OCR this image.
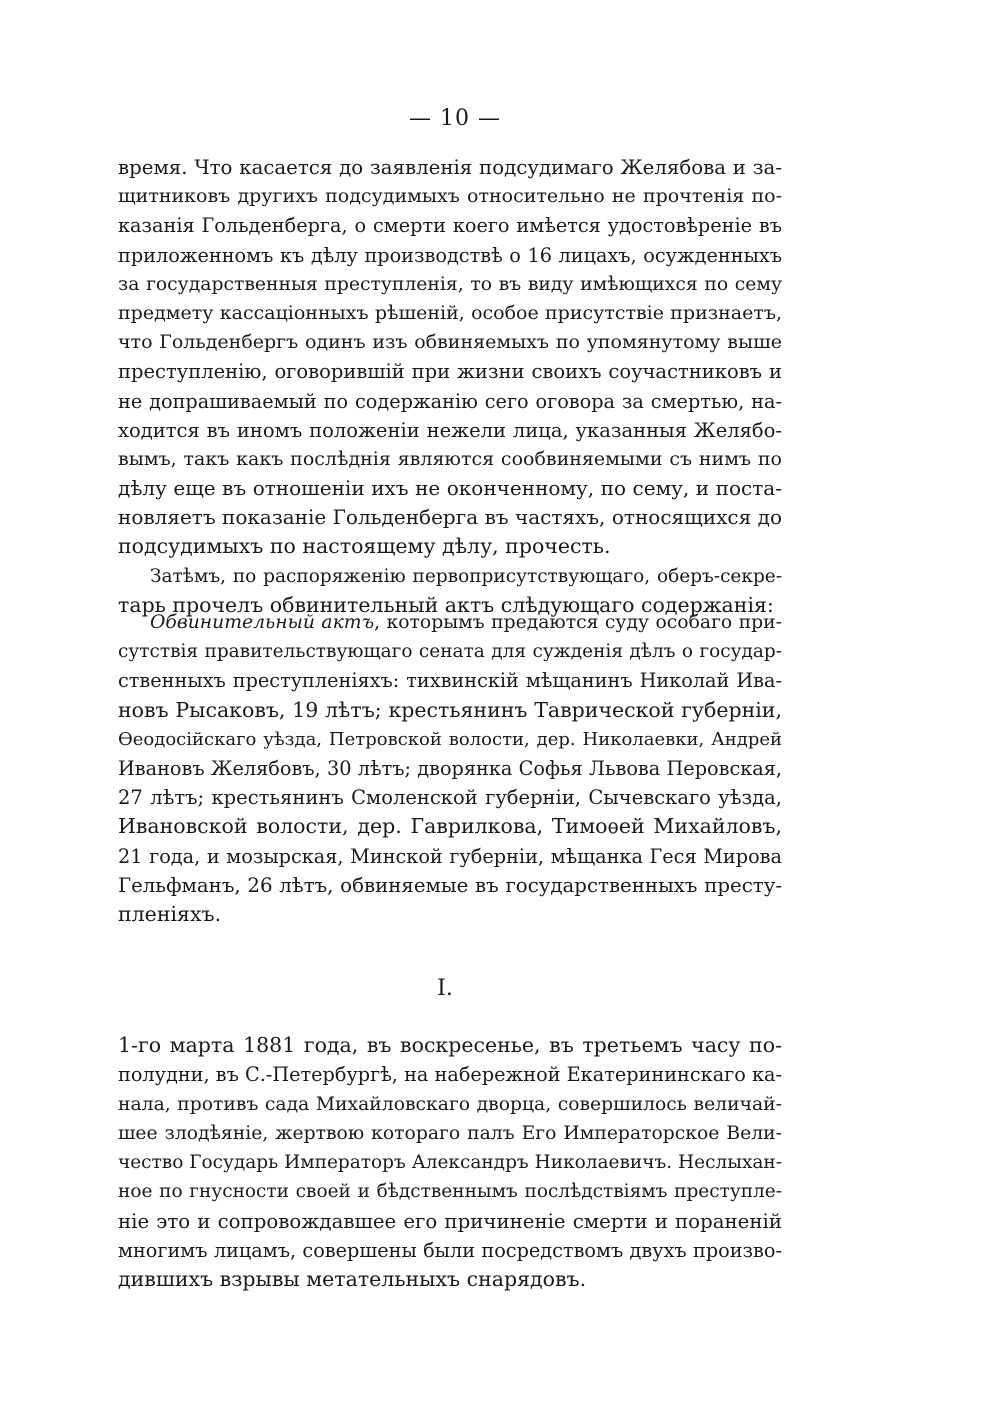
— 10 —
время. Что касается до заявленія подсудимаго Желябова и за-
щитниковъ другихъ подсудимыхъ относительно не прочтенія по-
казанія Гольденберга, о смерти коего имѣется удостовѣреніе въ
приложенномъ къ дѣлу производствѣ о 16 лицахъ, осужденныхъ
за государственныя преступленія, то въ виду имѣющихся по сему
предмету кассаціонныхъ рѣшеній, особое присутствіе признаетъ,
что Гольденбергъ одинъ изъ обвиняемыхъ по упомянутому выше
преступленію, оговорившій при жизни своихъ соучастниковъ и
не допрашиваемый по содержанію сего оговора за смертью, на-
ходится въ иномъ положеніи нежели лица, указанныя Желябо-
вымъ, такъ какъ послѣднія являются сообвиняемыми съ нимъ по
дѣлу еще въ отношеніи ихъ не оконченному, по сему, и поста-
новляетъ показаніе Гольденберга въ частяхъ, относящихся до
подсудимыхъ по настоящему дѣлу, прочесть.
Затѣмъ, по распоряженію первоприсутствующаго, оберъ-секре-
тарь прочелъ обвинительный актъ слѣдующаго содержанія:
Обвинительный актъ, которымъ предаются суду особаго при-
сутствія правительствующаго сената для сужденія дѣлъ о государ-
ственныхъ преступленіяхъ: тихвинскій мѣщанинъ Николай Ива-
новъ Рысаковъ, 19 лѣтъ; крестьянинъ Таврической губерніи,
Ѳеодосійскаго уѣзда, Петровской волости, дер. Николаевки, Андрей
Ивановъ Желябовъ, 30 лѣтъ; дворянка Софья Львова Перовская,
27 лѣтъ; крестьянинъ Смоленской губерніи, Сычевскаго уѣзда,
Ивановской волости, дер. Гаврилкова, Тимоѳей Михайловъ,
21 года, и мозырская, Минской губерніи, мѣщанка Геся Мирова
Гельфманъ, 26 лѣтъ, обвиняемые въ государственныхъ престу-
пленіяхъ.
I.
1-го марта 1881 года, въ воскресенье, въ третьемъ часу по-
полудни, въ С.-Петербургѣ, на набережной Екатерининскаго ка-
нала, противъ сада Михайловскаго дворца, совершилось величай-
шее злодѣяніе, жертвою котораго палъ Его Императорское Вели-
чество Государь Императоръ Александръ Николаевичъ. Неслыхан-
ное по гнусности своей и бѣдственнымъ послѣдствіямъ преступле-
ніе это и сопровождавшее его причиненіе смерти и пораненій
многимъ лицамъ, совершены были посредствомъ двухъ произво-
дившихъ взрывы метательныхъ снарядовъ.
